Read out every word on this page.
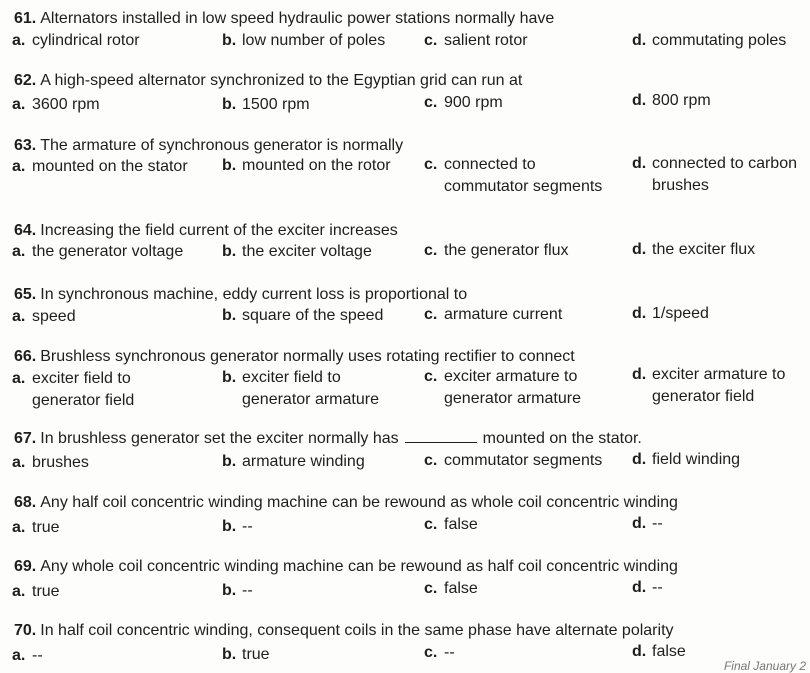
61. Alternators installed in low speed hydraulic power stations normally have
a. cylindrical rotor	b. low number of poles c. salient rotor	d. commutating poles
62. A high-speed alternator synchronized to the Egyptian grid can run at
a. 3600 rpm	b. 1500 rpm	c. 900 rpm	d. 800 rpm
63. The armature of synchronous generator is normally
a. mounted on the stator b. mounted on the rotor c. connected to
commutator segments
d. connected to carbon
brushes
64. Increasing the field current of the exciter increases
a. the generator voltage b. the exciter voltage	c. the generator flux	d. the exciter flux
65. In synchronous machine, eddy current loss is proportional to
a. speed	b. square of the speed	c. armature current	d. 1/speed
66. Brushless synchronous generator normally uses rotating rectifier to connect
a. exciter field to
generator field
b. exciter field to
generator armature
c. exciter armature to
generator armature
d. exciter armature to
generator field
67. In brushless generator set the exciter normally has	mounted on the stator.
a. brushes	b. armature winding	c. commutator segments d. field winding
68. Any half coil concentric winding machine can be rewound as whole coil concentric winding
a. true	b. --	c. false	d. --
69. Any whole coil concentric winding machine can be rewound as half coil concentric winding
a. true	b. --	c. false	d. --
70. In half coil concentric winding, consequent coils in the same phase have alternate polarity
a. --	b. true	c. --	d. false
Final January 2
